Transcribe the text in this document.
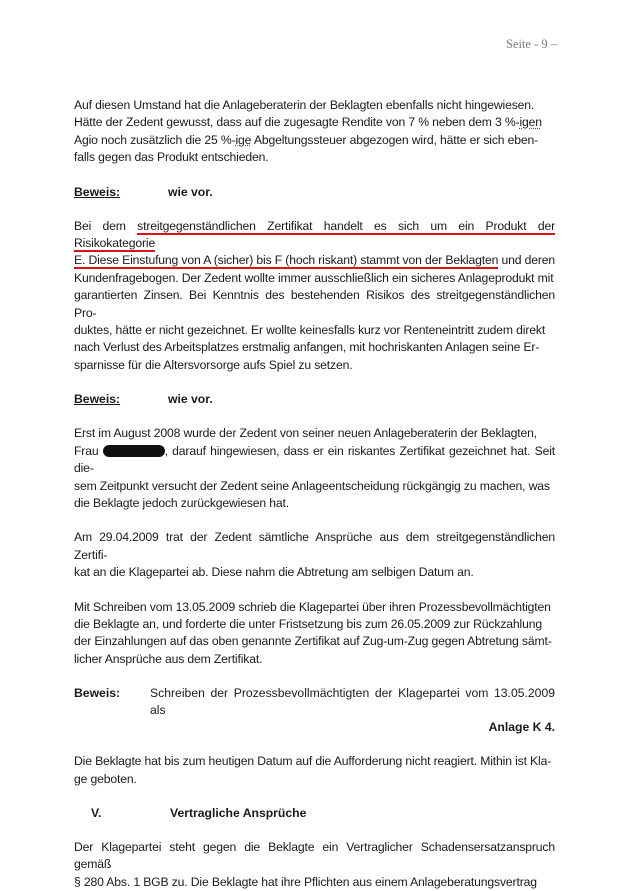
Seite - 9 –

Auf diesen Umstand hat die Anlageberaterin der Beklagten ebenfalls nicht hingewiesen.
Hätte der Zedent gewusst, dass auf die zugesagte Rendite von 7 % neben dem 3 %-igen
Agio noch zusätzlich die 25 %-ige Abgeltungssteuer abgezogen wird, hätte er sich eben-
falls gegen das Produkt entschieden.

Beweis:	wie vor.

Bei dem streitgegenständlichen Zertifikat handelt es sich um ein Produkt der Risikokategorie
E. Diese Einstufung von A (sicher) bis F (hoch riskant) stammt von der Beklagten und deren
Kundenfragebogen. Der Zedent wollte immer ausschließlich ein sicheres Anlageprodukt mit
garantierten Zinsen. Bei Kenntnis des bestehenden Risikos des streitgegenständlichen Pro-
duktes, hätte er nicht gezeichnet. Er wollte keinesfalls kurz vor Renteneintritt zudem direkt
nach Verlust des Arbeitsplatzes erstmalig anfangen, mit hochriskanten Anlagen seine Er-
sparnisse für die Altersvorsorge aufs Spiel zu setzen.

Beweis:	wie vor.

Erst im August 2008 wurde der Zedent von seiner neuen Anlageberaterin der Beklagten,
Frau	, darauf hingewiesen, dass er ein riskantes Zertifikat gezeichnet hat. Seit die-
sem Zeitpunkt versucht der Zedent seine Anlageentscheidung rückgängig zu machen, was
die Beklagte jedoch zurückgewiesen hat.

Am 29.04.2009 trat der Zedent sämtliche Ansprüche aus dem streitgegenständlichen Zertifi-
kat an die Klagepartei ab. Diese nahm die Abtretung am selbigen Datum an.

Mit Schreiben vom 13.05.2009 schrieb die Klagepartei über ihren Prozessbevollmächtigten
die Beklagte an, und forderte die unter Fristsetzung bis zum 26.05.2009 zur Rückzahlung
der Einzahlungen auf das oben genannte Zertifikat auf Zug-um-Zug gegen Abtretung sämt-
licher Ansprüche aus dem Zertifikat.

Beweis:	Schreiben der Prozessbevollmächtigten der Klagepartei vom 13.05.2009 als
Anlage K 4.

Die Beklagte hat bis zum heutigen Datum auf die Aufforderung nicht reagiert. Mithin ist Kla-
ge geboten.

V.	Vertragliche Ansprüche

Der Klagepartei steht gegen die Beklagte ein Vertraglicher Schadensersatzanspruch gemäß
§ 280 Abs. 1 BGB zu. Die Beklagte hat ihre Pflichten aus einem Anlageberatungsvertrag
